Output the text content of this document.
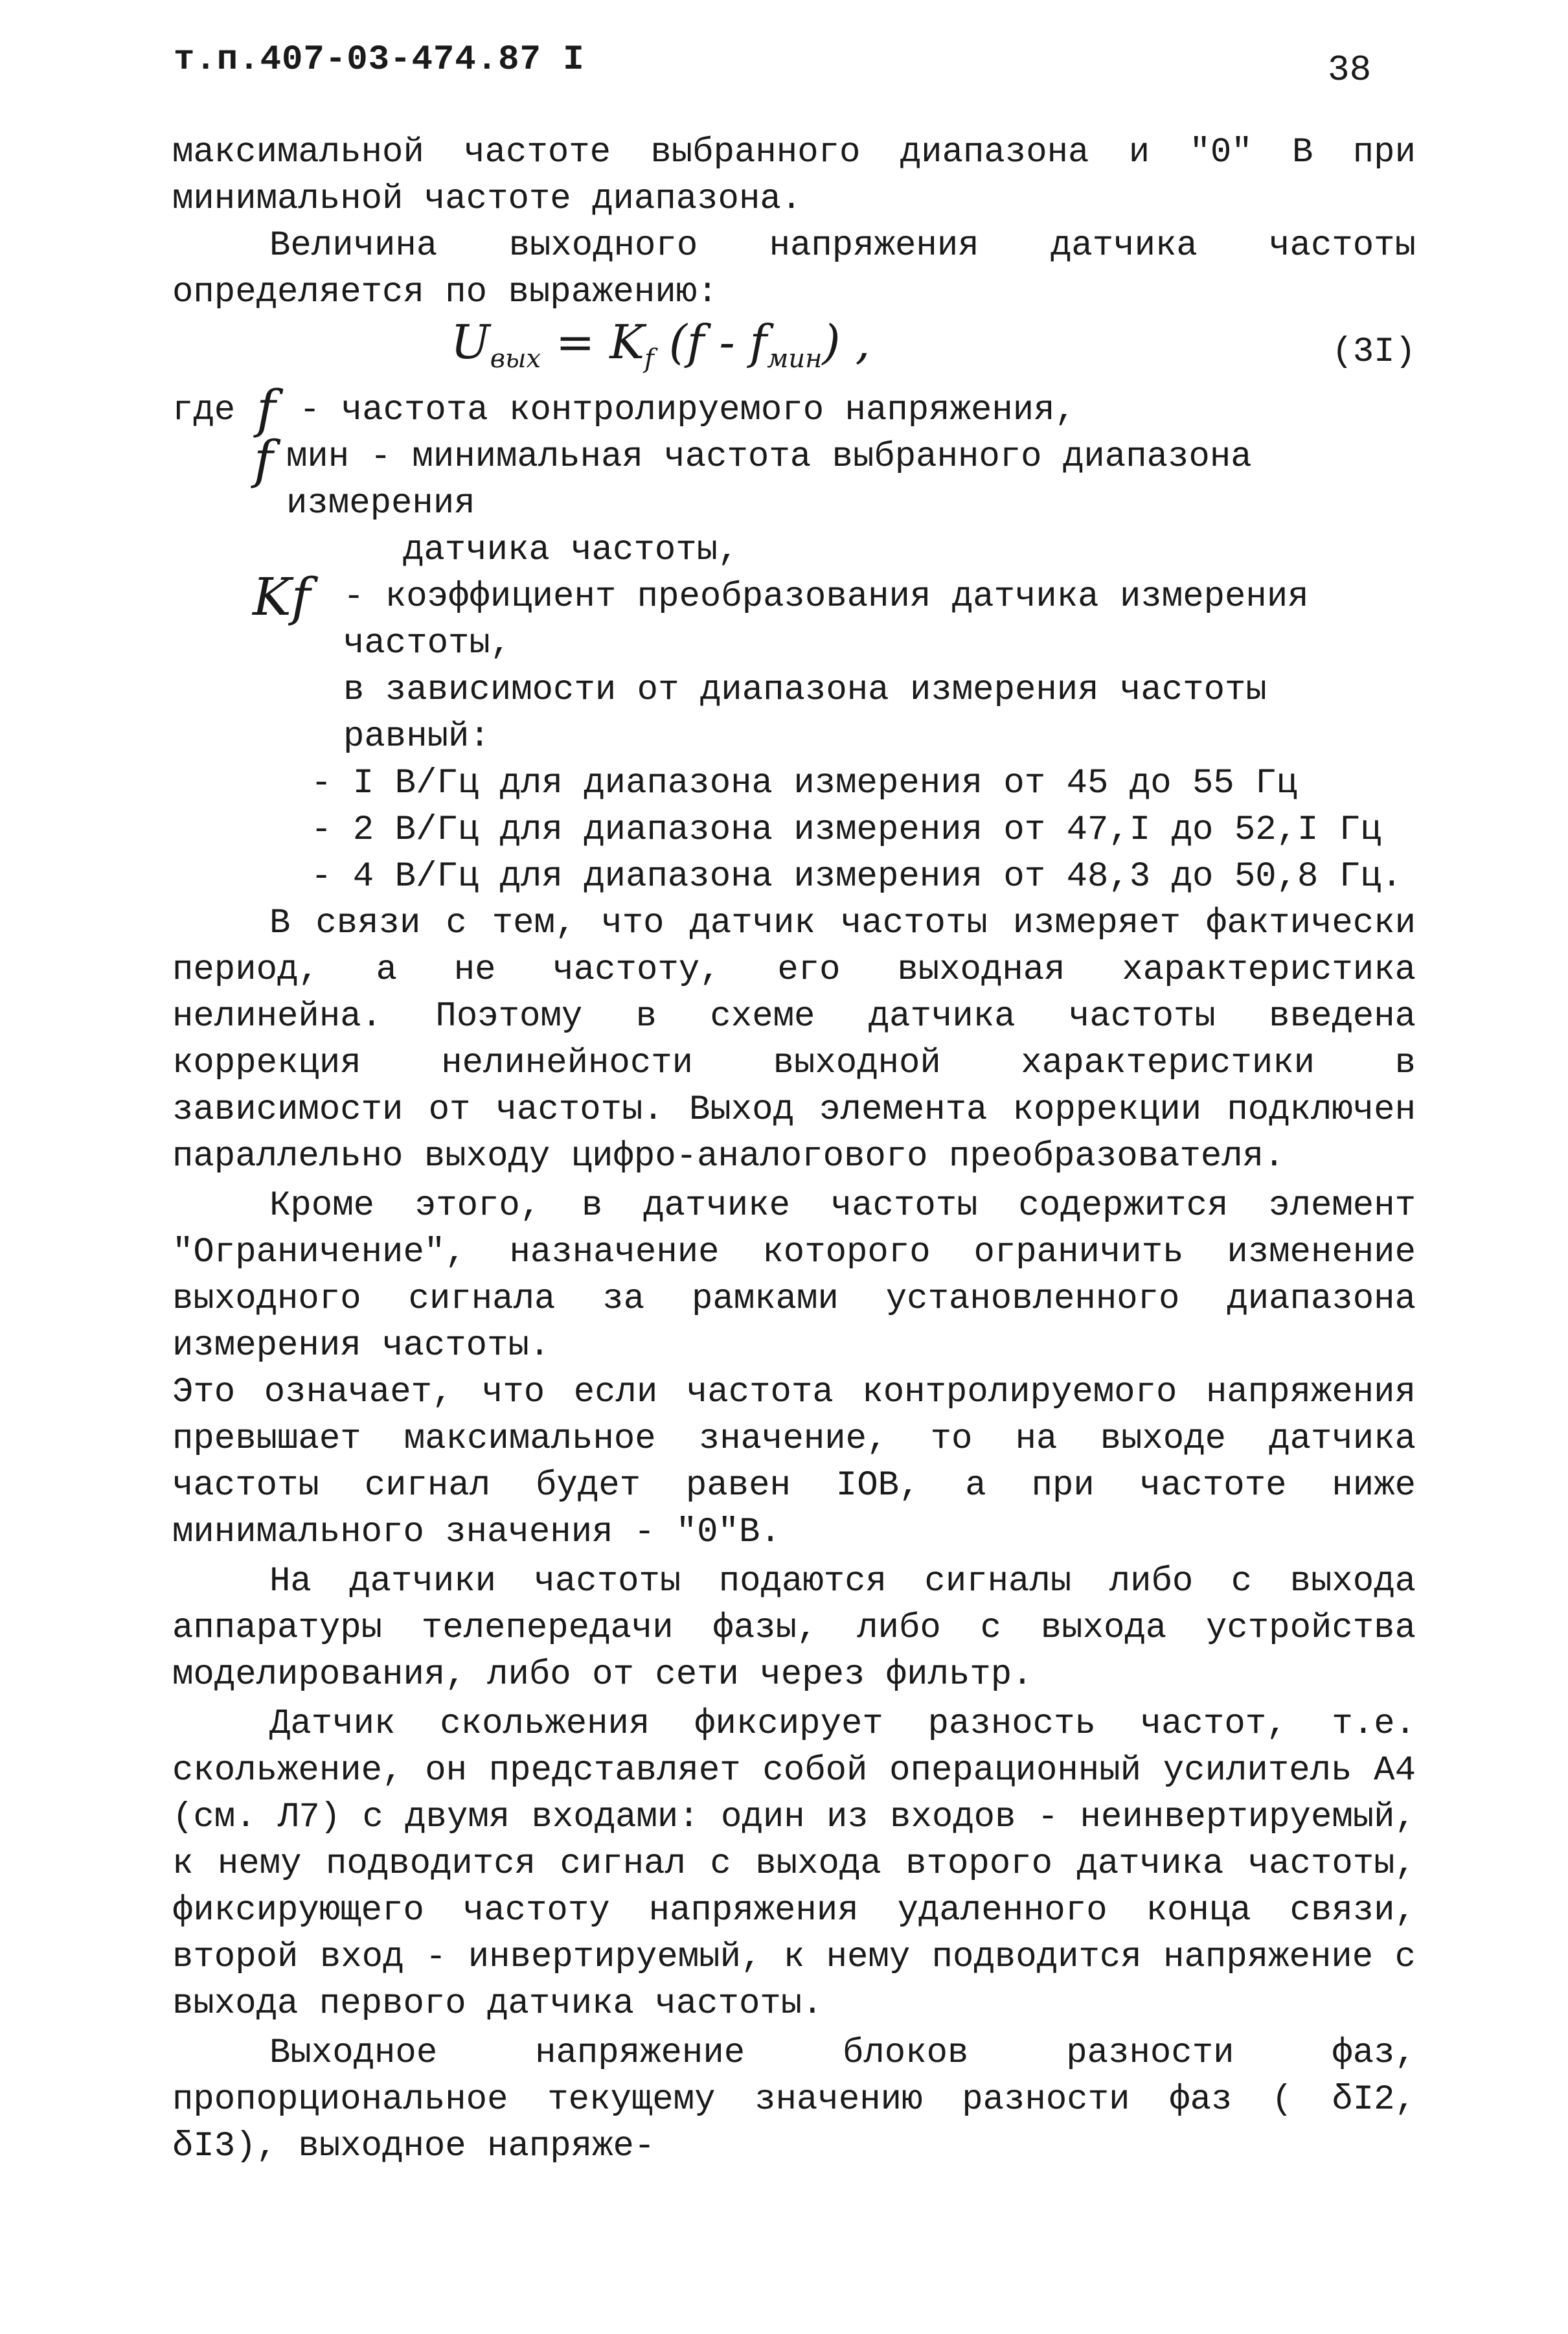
т.п.407-03-474.87 I	38

максимальной частоте выбранного диапазона и "0" В при минимальной частоте диапазона.

Величина выходного напряжения датчика частоты определяется по выражению:

$U_{вых} = K_f$ $(f - f_{мин})$ ,	(3I)
где f - частота контролируемого напряжения,
f мин - минимальная частота выбранного диапазона измерения
датчика частоты,
Kf - коэффициент преобразования датчика измерения частоты,
в зависимости от диапазона измерения частоты равный:
- I В/Гц для диапазона измерения от 45 до 55 Гц
- 2 В/Гц для диапазона измерения от 47,I до 52,I Гц
- 4 В/Гц для диапазона измерения от 48,3 до 50,8 Гц.

В связи с тем, что датчик частоты измеряет фактически период, а не частоту, его выходная характеристика нелинейна. Поэтому в схеме датчика частоты введена коррекция нелинейности выходной характеристики в зависимости от частоты. Выход элемента коррекции подключен параллельно выходу цифро-аналогового преобразователя.

Кроме этого, в датчике частоты содержится элемент "Ограничение", назначение которого ограничить изменение выходного сигнала за рамками установленного диапазона измерения частоты.

Это означает, что если частота контролируемого напряжения превышает максимальное значение, то на выходе датчика частоты сигнал будет равен IOВ, а при частоте ниже минимального значения - "0"В.

На датчики частоты подаются сигналы либо с выхода аппаратуры телепередачи фазы, либо с выхода устройства моделирования, либо от сети через фильтр.

Датчик скольжения фиксирует разность частот, т.е. скольжение, он представляет собой операционный усилитель А4 (см. Л7) с двумя входами: один из входов - неинвертируемый, к нему подводится сигнал с выхода второго датчика частоты, фиксирующего частоту напряжения удаленного конца связи, второй вход - инвертируемый, к нему подводится напряжение с выхода первого датчика частоты.

Выходное напряжение блоков разности фаз, пропорциональное текущему значению разности фаз ( δI2, δI3), выходное напряже-
